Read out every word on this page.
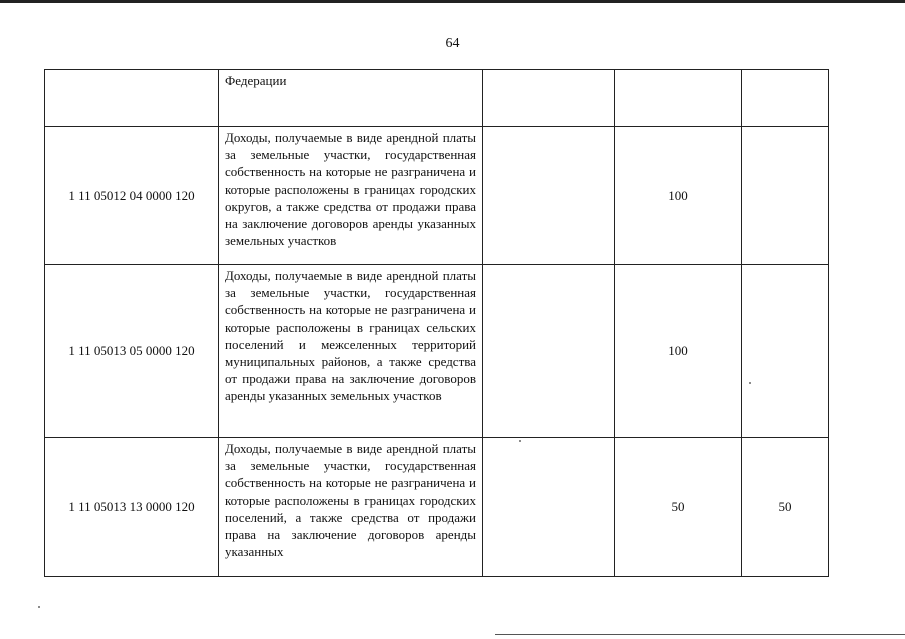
64

	Федерации			

1 11 05012 04 0000 120	Доходы, получаемые в виде арендной платы за земельные участки, государственная собственность на которые не разграничена и которые расположены в границах городских округов, а также средства от продажи права на заключение договоров аренды указанных земельных участков		100	
1 11 05013 05 0000 120	Доходы, получаемые в виде арендной платы за земельные участки, государственная собственность на которые не разграничена и которые расположены в границах сельских поселений и межселенных территорий муниципальных районов, а также средства от продажи права на заключение договоров аренды указанных земельных участков		100	
1 11 05013 13 0000 120	Доходы, получаемые в виде арендной платы за земельные участки, государственная собственность на которые не разграничена и которые расположены в границах городских поселений, а также средства от продажи права на заключение договоров аренды указанных		50	50
